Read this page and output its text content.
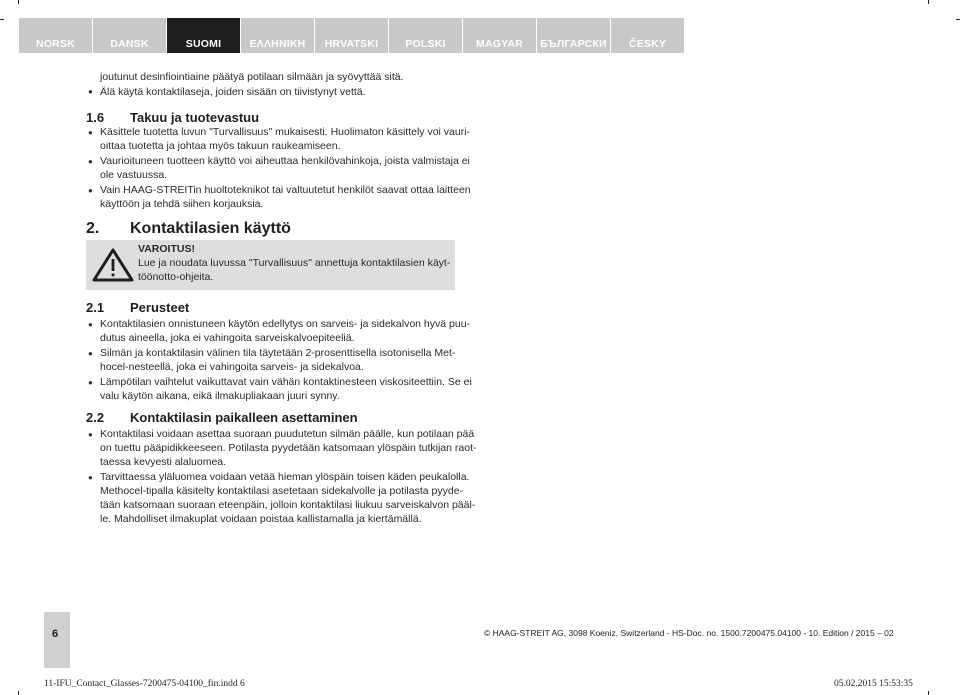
NORSK	DANSK	SUOMI	ΕΛΛΗΝΙΚΗ	HRVATSKI	POLSKI	MAGYAR	БЪЛГАРСКИ	ČESKY
joutunut desinfiointiaine päätyä potilaan silmään ja syövyttää sitä.
● Älä käytä kontaktilaseja, joiden sisään on tiivistynyt vettä.
1.6 Takuu ja tuotevastuu
● Käsittele tuotetta luvun "Turvallisuus" mukaisesti. Huolimaton käsittely voi vauri-
oittaa tuotetta ja johtaa myös takuun raukeamiseen.
● Vaurioituneen tuotteen käyttö voi aiheuttaa henkilövahinkoja, joista valmistaja ei
ole vastuussa.
● Vain HAAG-STREITin huoltoteknikot tai valtuutetut henkilöt saavat ottaa laitteen
käyttöön ja tehdä siihen korjauksia.
2. Kontaktilasien käyttö
VAROITUS!
Lue ja noudata luvussa "Turvallisuus" annettuja kontaktilasien käyt-
töönotto-ohjeita.
2.1 Perusteet
● Kontaktilasien onnistuneen käytön edellytys on sarveis- ja sidekalvon hyvä puu-
dutus aineella, joka ei vahingoita sarveiskalvoepiteeliä.
● Silmän ja kontaktilasin välinen tila täytetään 2-prosenttisella isotonisella Met-
hocel-nesteellä, joka ei vahingoita sarveis- ja sidekalvoa.
● Lämpötilan vaihtelut vaikuttavat vain vähän kontaktinesteen viskositeettiin. Se ei
valu käytön aikana, eikä ilmakupliakaan juuri synny.
2.2 Kontaktilasin paikalleen asettaminen
● Kontaktilasi voidaan asettaa suoraan puudutetun silmän päälle, kun potilaan pää
on tuettu pääpidikkeeseen. Potilasta pyydetään katsomaan ylöspäin tutkijan raot-
taessa kevyesti alaluomea.
● Tarvittaessa yläluomea voidaan vetää hieman ylöspäin toisen käden peukalolla.
Methocel-tipalla käsitelty kontaktilasi asetetaan sidekalvolle ja potilasta pyyde-
tään katsomaan suoraan eteenpäin, jolloin kontaktilasi liukuu sarveiskalvon pääl-
le. Mahdolliset ilmakuplat voidaan poistaa kallistamalla ja kiertämällä.
6	© HAAG-STREIT AG, 3098 Koeniz, Switzerland - HS-Doc. no. 1500.7200475.04100 - 10. Edition / 2015 – 02
11-IFU_Contact_Glasses-7200475-04100_fin.indd 6	05.02.2015 15:53:35
